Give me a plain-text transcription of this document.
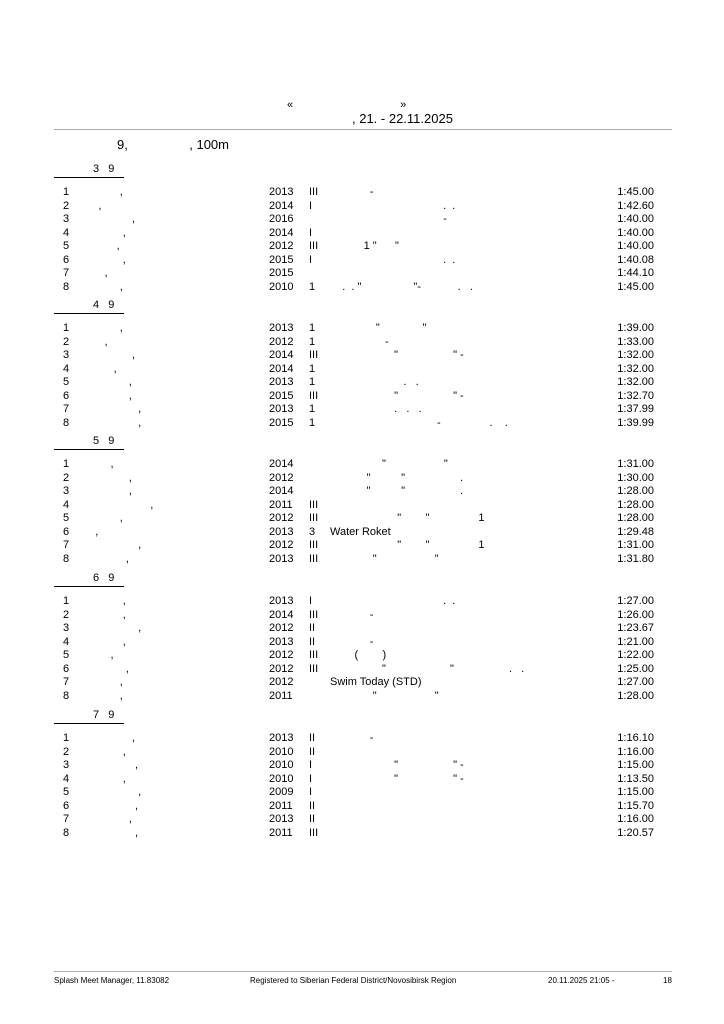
«                                   »
, 21. - 22.11.2025
9,                 , 100m
3   9
1 ,	2013 III -	1:45.00
2 ,	2014 I .  .	1:42.60
3 ,	2016	-	1:40.00
4 ,	2014 I	1:40.00
5 ,	2012 III 1 "      "	1:40.00
6 ,	2015 I .  .	1:40.08
7 ,	2015	1:44.10
8 ,	2010 1 .  . "                 "-            .   .	1:45.00
4   9
1 ,	2013 1 "              "	1:39.00
2 ,	2012 1 -	1:33.00
3 ,	2014 III "                  " -	1:32.00
4 ,	2014 1	1:32.00
5 ,	2013 1 .   .	1:32.00
6 ,	2015 III "                  " -	1:32.70
7 ,	2013 1 .   .   .	1:37.99
8 ,	2015 1 -                .    .	1:39.99
5   9
1 ,	2014	"                   "	1:31.00
2 ,	2012	"          "                  .	1:30.00
3 ,	2014	"          "                  .	1:28.00
4 ,	2011 III	1:28.00
5 ,	2012 III "        "                1	1:28.00
6 ,	2013 3 Water Roket	1:29.48
7 ,	2012 III "        "                1	1:31.00
8 ,	2013 III "                   "	1:31.80
6   9
1 ,	2013 I .  .	1:27.00
2 ,	2014 III -	1:26.00
3 ,	2012 II	1:23.67
4 ,	2013 II -	1:21.00
5 ,	2012 III (        )	1:22.00
6 ,	2012 III "                     "                  .   .	1:25.00
7 ,	2012	Swim Today (STD)	1:27.00
8 ,	2011	"                   "	1:28.00
7   9
1 ,	2013 II -	1:16.10
2 ,	2010 II	1:16.00
3 ,	2010 I "                  " -	1:15.00
4 ,	2010 I "                  " -	1:13.50
5 ,	2009 I	1:15.00
6 ,	2011 II	1:15.70
7 ,	2013 II	1:16.00
8 ,	2011 III	1:20.57
Splash Meet Manager, 11.83082	Registered to Siberian Federal District/Novosibirsk Region	20.11.2025 21:05 -	18
